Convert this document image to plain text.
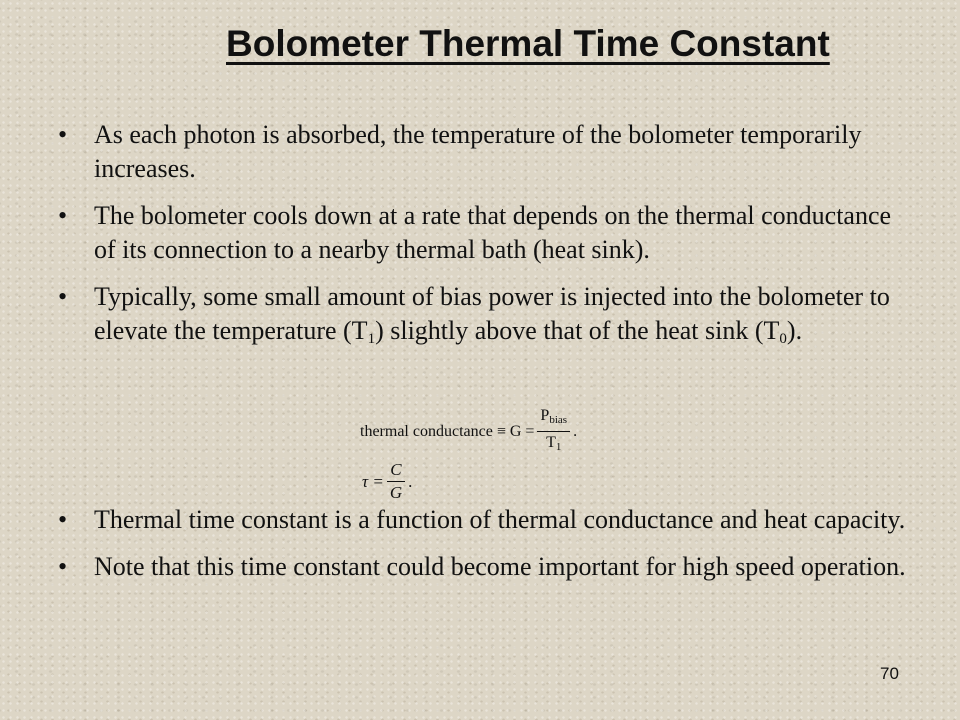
Bolometer Thermal Time Constant
• As each photon is absorbed, the temperature of the bolometer temporarily increases.
• The bolometer cools down at a rate that depends on the thermal conductance of its connection to a nearby thermal bath (heat sink).
• Typically, some small amount of bias power is injected into the bolometer to elevate the temperature $(T_1)$ slightly above that of the heat sink $(T_0)$.
thermal conductance ≡ $G = \frac{\text{Pbias}}{T1}$ .
$\tau = \frac{C}{G}$ .
• Thermal time constant is a function of thermal conductance and heat capacity.
• Note that this time constant could become important for high speed operation.
70
